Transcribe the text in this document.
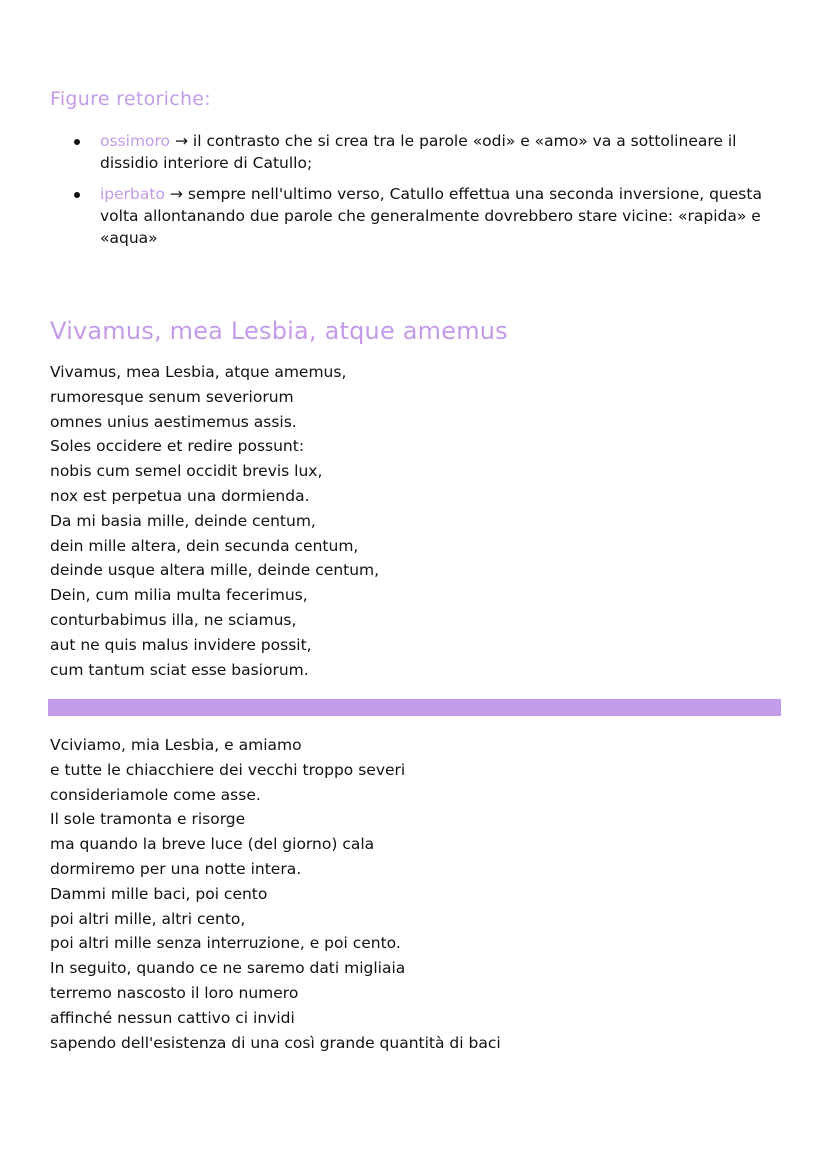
Figure retoriche:
ossimoro → il contrasto che si crea tra le parole «odi» e «amo» va a sottolineare il dissidio interiore di Catullo;
iperbato → sempre nell'ultimo verso, Catullo effettua una seconda inversione, questa volta allontanando due parole che generalmente dovrebbero stare vicine: «rapida» e «aqua»
Vivamus, mea Lesbia, atque amemus
Vivamus, mea Lesbia, atque amemus,
rumoresque senum severiorum
omnes unius aestimemus assis.
Soles occidere et redire possunt:
nobis cum semel occidit brevis lux,
nox est perpetua una dormienda.
Da mi basia mille, deinde centum,
dein mille altera, dein secunda centum,
deinde usque altera mille, deinde centum,
Dein, cum milia multa fecerimus,
conturbabimus illa, ne sciamus,
aut ne quis malus invidere possit,
cum tantum sciat esse basiorum.
Vciviamo, mia Lesbia, e amiamo
e tutte le chiacchiere dei vecchi troppo severi
consideriamole come asse.
Il sole tramonta e risorge
ma quando la breve luce (del giorno) cala
dormiremo per una notte intera.
Dammi mille baci, poi cento
poi altri mille, altri cento,
poi altri mille senza interruzione, e poi cento.
In seguito, quando ce ne saremo dati migliaia
terremo nascosto il loro numero
affinché nessun cattivo ci invidi
sapendo dell'esistenza di una così grande quantità di baci
